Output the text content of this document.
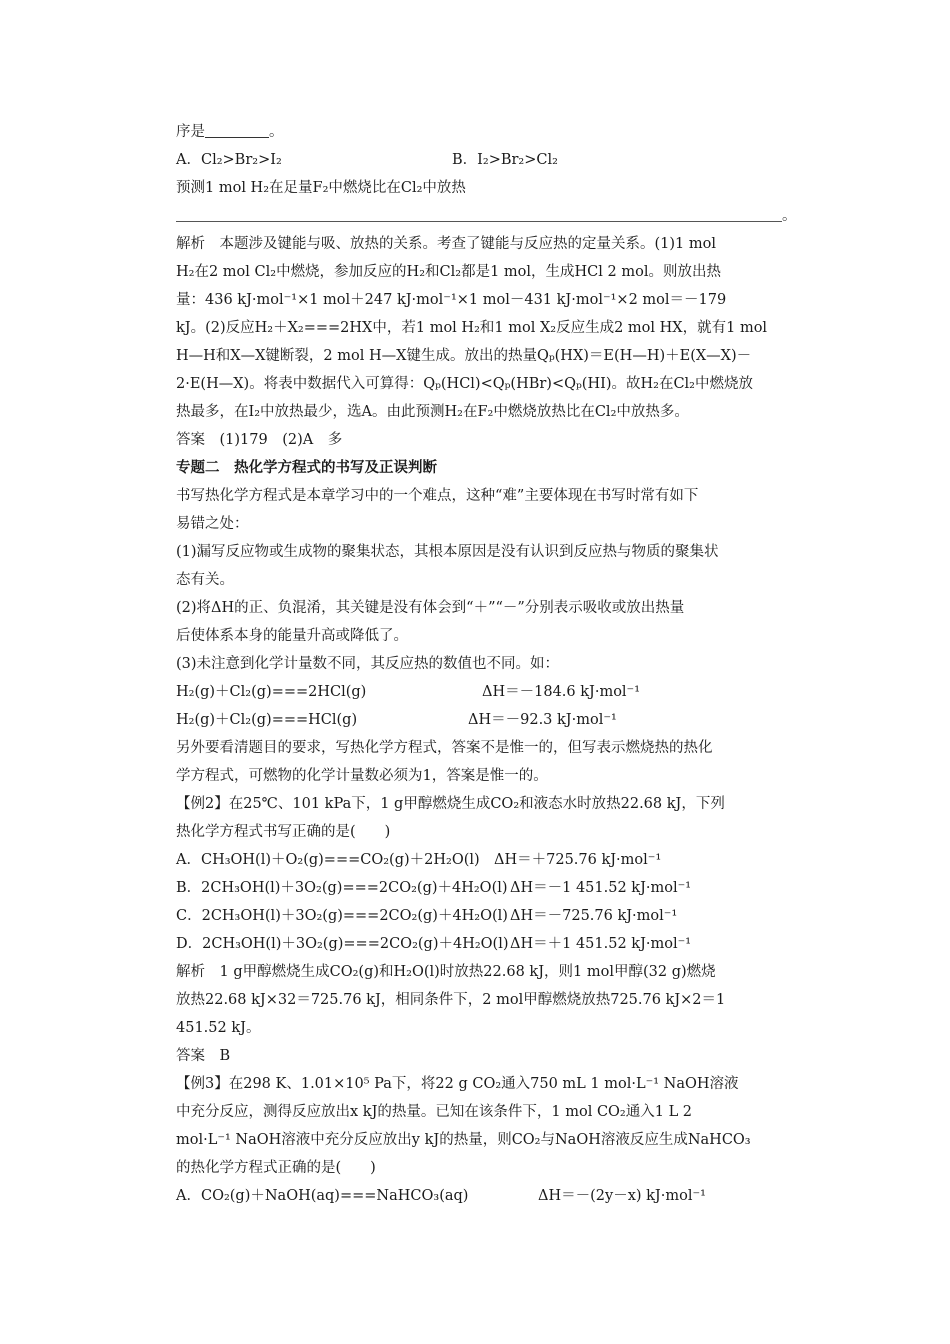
序是	。
A．Cl₂>Br₂>I₂	B．I₂>Br₂>Cl₂
预测1 mol H₂在足量F₂中燃烧比在Cl₂中放热
。
解析　本题涉及键能与吸、放热的关系。考查了键能与反应热的定量关系。(1)1 mol
H₂在2 mol Cl₂中燃烧，参加反应的H₂和Cl₂都是1 mol，生成HCl 2 mol。则放出热
量：436 kJ·mol⁻¹×1 mol＋247 kJ·mol⁻¹×1 mol－431 kJ·mol⁻¹×2 mol＝－179
kJ。(2)反应H₂＋X₂===2HX中，若1 mol H₂和1 mol X₂反应生成2 mol HX，就有1 mol
H—H和X—X键断裂，2 mol H—X键生成。放出的热量Qₚ(HX)＝E(H—H)＋E(X—X)－
2·E(H—X)。将表中数据代入可算得：Qₚ(HCl)<Qₚ(HBr)<Qₚ(HI)。故H₂在Cl₂中燃烧放
热最多，在I₂中放热最少，选A。由此预测H₂在F₂中燃烧放热比在Cl₂中放热多。
答案　(1)179　(2)A　多
专题二　热化学方程式的书写及正误判断
书写热化学方程式是本章学习中的一个难点，这种“难”主要体现在书写时常有如下
易错之处：
(1)漏写反应物或生成物的聚集状态，其根本原因是没有认识到反应热与物质的聚集状
态有关。
(2)将ΔH的正、负混淆，其关键是没有体会到“＋”“－”分别表示吸收或放出热量
后使体系本身的能量升高或降低了。
(3)未注意到化学计量数不同，其反应热的数值也不同。如：
H₂(g)＋Cl₂(g)===2HCl(g)	ΔH＝－184.6 kJ·mol⁻¹
H₂(g)＋Cl₂(g)===HCl(g)	ΔH＝－92.3 kJ·mol⁻¹
另外要看清题目的要求，写热化学方程式，答案不是惟一的，但写表示燃烧热的热化
学方程式，可燃物的化学计量数必须为1，答案是惟一的。
【例2】在25℃、101 kPa下，1 g甲醇燃烧生成CO₂和液态水时放热22.68 kJ，下列
热化学方程式书写正确的是(　　)
A．CH₃OH(l)＋O₂(g)===CO₂(g)＋2H₂O(l) ΔH＝＋725.76 kJ·mol⁻¹
B．2CH₃OH(l)＋3O₂(g)===2CO₂(g)＋4H₂O(l) ΔH＝－1 451.52 kJ·mol⁻¹
C．2CH₃OH(l)＋3O₂(g)===2CO₂(g)＋4H₂O(l) ΔH＝－725.76 kJ·mol⁻¹
D．2CH₃OH(l)＋3O₂(g)===2CO₂(g)＋4H₂O(l) ΔH＝＋1 451.52 kJ·mol⁻¹
解析　1 g甲醇燃烧生成CO₂(g)和H₂O(l)时放热22.68 kJ，则1 mol甲醇(32 g)燃烧
放热22.68 kJ×32＝725.76 kJ，相同条件下，2 mol甲醇燃烧放热725.76 kJ×2＝1
451.52 kJ。
答案　B
【例3】在298 K、1.01×10⁵ Pa下，将22 g CO₂通入750 mL 1 mol·L⁻¹ NaOH溶液
中充分反应，测得反应放出x kJ的热量。已知在该条件下，1 mol CO₂通入1 L 2
mol·L⁻¹ NaOH溶液中充分反应放出y kJ的热量，则CO₂与NaOH溶液反应生成NaHCO₃
的热化学方程式正确的是(　　)
A．CO₂(g)＋NaOH(aq)===NaHCO₃(aq)	ΔH＝－(2y－x) kJ·mol⁻¹
